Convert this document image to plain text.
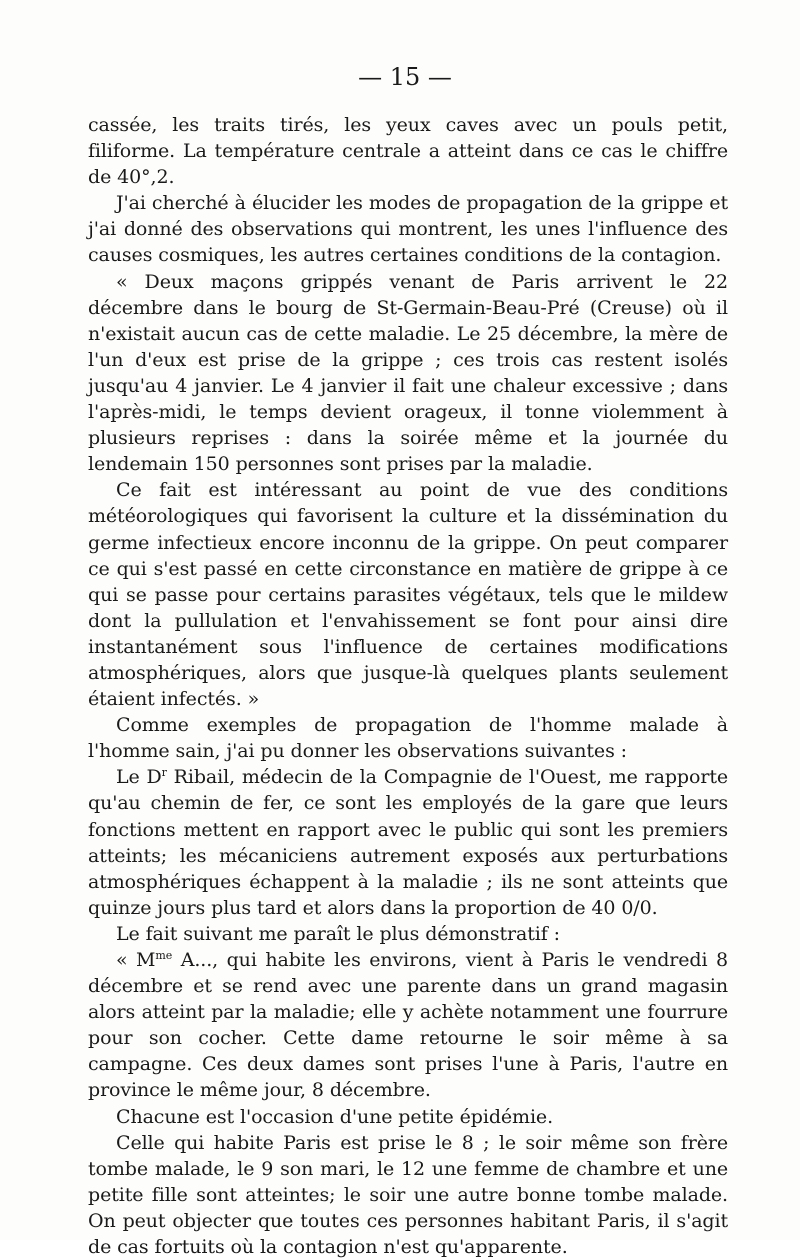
— 15 —

cassée, les traits tirés, les yeux caves avec un pouls petit, filiforme. La température centrale a atteint dans ce cas le chiffre de 40°,2.

J'ai cherché à élucider les modes de propagation de la grippe et j'ai donné des observations qui montrent, les unes l'influence des causes cosmiques, les autres certaines conditions de la contagion.

« Deux maçons grippés venant de Paris arrivent le 22 décembre dans le bourg de St-Germain-Beau-Pré (Creuse) où il n'existait aucun cas de cette maladie. Le 25 décembre, la mère de l'un d'eux est prise de la grippe ; ces trois cas restent isolés jusqu'au 4 janvier. Le 4 janvier il fait une chaleur excessive ; dans l'après-midi, le temps devient orageux, il tonne violemment à plusieurs reprises : dans la soirée même et la journée du lendemain 150 personnes sont prises par la maladie.

Ce fait est intéressant au point de vue des conditions météorologiques qui favorisent la culture et la dissémination du germe infectieux encore inconnu de la grippe. On peut comparer ce qui s'est passé en cette circonstance en matière de grippe à ce qui se passe pour certains parasites végétaux, tels que le mildew dont la pullulation et l'envahissement se font pour ainsi dire instantanément sous l'influence de certaines modifications atmosphériques, alors que jusque-là quelques plants seulement étaient infectés. »

Comme exemples de propagation de l'homme malade à l'homme sain, j'ai pu donner les observations suivantes :

Le $D^r$ Ribail, médecin de la Compagnie de l'Ouest, me rapporte qu'au chemin de fer, ce sont les employés de la gare que leurs fonctions mettent en rapport avec le public qui sont les premiers atteints; les mécaniciens autrement exposés aux perturbations atmosphériques échappent à la maladie ; ils ne sont atteints que quinze jours plus tard et alors dans la proportion de 40 0/0.

Le fait suivant me paraît le plus démonstratif :

« $M^{me}$ A..., qui habite les environs, vient à Paris le vendredi 8 décembre et se rend avec une parente dans un grand magasin alors atteint par la maladie; elle y achète notamment une fourrure pour son cocher. Cette dame retourne le soir même à sa campagne. Ces deux dames sont prises l'une à Paris, l'autre en province le même jour, 8 décembre.

Chacune est l'occasion d'une petite épidémie.

Celle qui habite Paris est prise le 8 ; le soir même son frère tombe malade, le 9 son mari, le 12 une femme de chambre et une petite fille sont atteintes; le soir une autre bonne tombe malade. On peut objecter que toutes ces personnes habitant Paris, il s'agit de cas fortuits où la contagion n'est qu'apparente.
